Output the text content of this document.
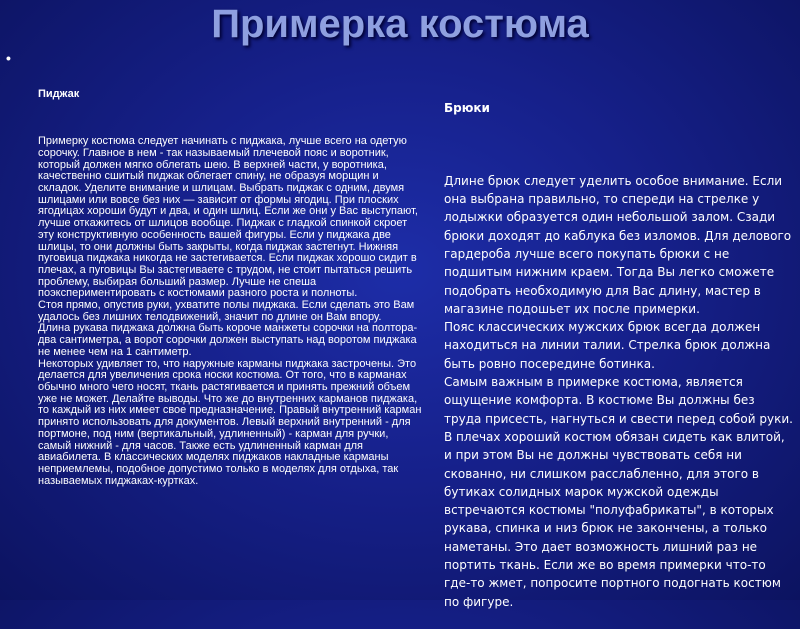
Примерка костюма
•

Пиджак

Примерку костюма следует начинать с пиджака, лучше всего на одетую сорочку. Главное в нем - так называемый плечевой пояс и воротник, который должен мягко облегать шею. В верхней части, у воротника, качественно сшитый пиджак облегает спину, не образуя морщин и складок. Уделите внимание и шлицам. Выбрать пиджак с одним, двумя шлицами или вовсе без них — зависит от формы ягодиц. При плоских ягодицах хороши будут и два, и один шлиц. Если же они у Вас выступают, лучше откажитесь от шлицов вообще. Пиджак с гладкой спинкой скроет эту конструктивную особенность вашей фигуры. Если у пиджака две шлицы, то они должны быть закрыты, когда пиджак застегнут. Нижняя пуговица пиджака никогда не застегивается. Если пиджак хорошо сидит в плечах, а пуговицы Вы застегиваете с трудом, не стоит пытаться решить проблему, выбирая больший размер. Лучше не спеша поэкспериментировать с костюмами разного роста и полноты.
Стоя прямо, опустив руки, ухватите полы пиджака. Если сделать это Вам удалось без лишних телодвижений, значит по длине он Вам впору.
Длина рукава пиджака должна быть короче манжеты сорочки на полтора-два сантиметра, а ворот сорочки должен выступать над воротом пиджака не менее чем на 1 сантиметр.
Некоторых удивляет то, что наружные карманы пиджака застрочены. Это делается для увеличения срока носки костюма. От того, что в карманах обычно много чего носят, ткань растягивается и принять прежний объем уже не может. Делайте выводы. Что же до внутренних карманов пиджака, то каждый из них имеет свое предназначение. Правый внутренний карман принято использовать для документов. Левый верхний внутренний - для портмоне, под ним (вертикальный, удлиненный) - карман для ручки, самый нижний - для часов. Также есть удлиненный карман для авиабилета. В классических моделях пиджаков накладные карманы неприемлемы, подобное допустимо только в моделях для отдыха, так называемых пиджаках-куртках.

Брюки

Длине брюк следует уделить особое внимание. Если она выбрана правильно, то спереди на стрелке у лодыжки образуется один небольшой залом. Сзади брюки доходят до каблука без изломов. Для делового гардероба лучше всего покупать брюки с не подшитым нижним краем. Тогда Вы легко сможете подобрать необходимую для Вас длину, мастер в магазине подошьет их после примерки.
Пояс классических мужских брюк всегда должен находиться на линии талии. Стрелка брюк должна быть ровно посередине ботинка.
Самым важным в примерке костюма, является ощущение комфорта. В костюме Вы должны без труда присесть, нагнуться и свести перед собой руки. В плечах хороший костюм обязан сидеть как влитой, и при этом Вы не должны чувствовать себя ни скованно, ни слишком расслабленно, для этого в бутиках солидных марок мужской одежды встречаются костюмы "полуфабрикаты", в которых рукава, спинка и низ брюк не закончены, а только наметаны. Это дает возможность лишний раз не портить ткань. Если же во время примерки что-то где-то жмет, попросите портного подогнать костюм по фигуре.
